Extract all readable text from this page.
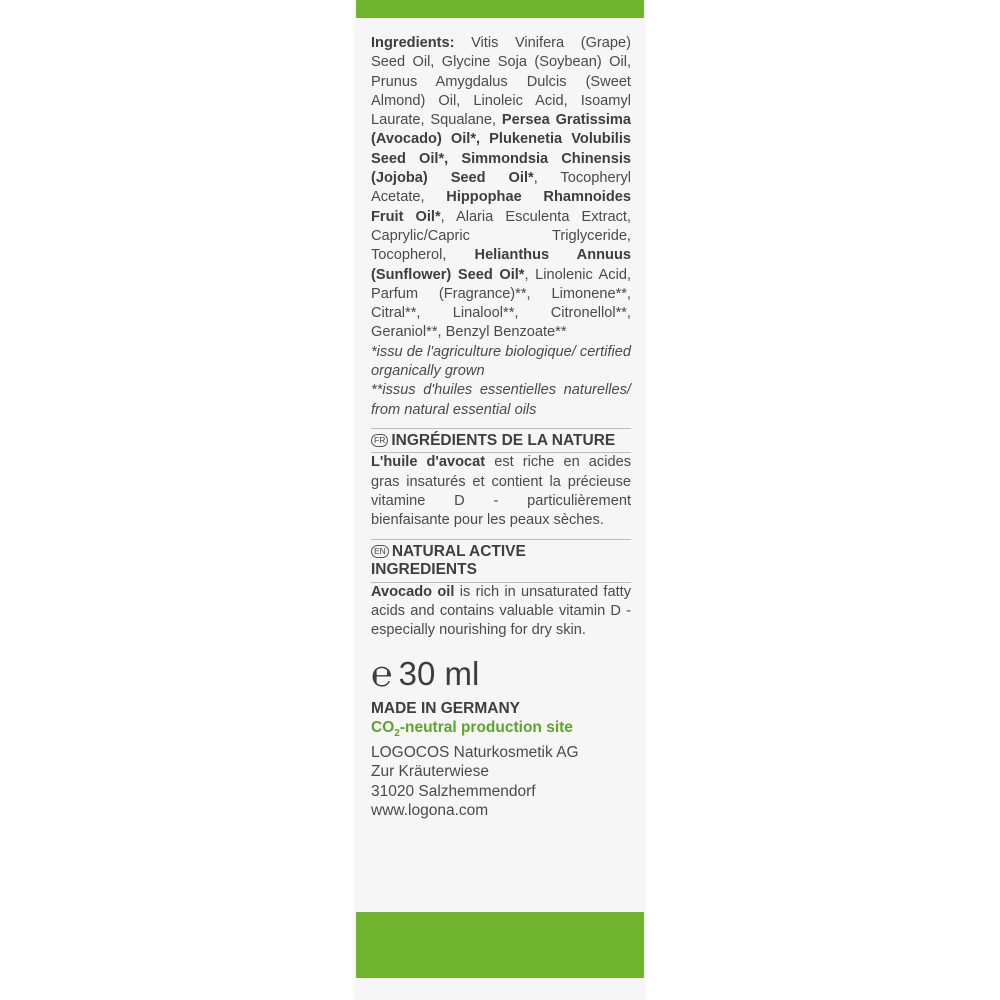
Ingredients: Vitis Vinifera (Grape) Seed Oil, Glycine Soja (Soybean) Oil, Prunus Amygdalus Dulcis (Sweet Almond) Oil, Linoleic Acid, Isoamyl Laurate, Squalane, Persea Gratissima (Avocado) Oil*, Plukenetia Volubilis Seed Oil*, Simmondsia Chinensis (Jojoba) Seed Oil*, Tocopheryl Acetate, Hippophae Rhamnoides Fruit Oil*, Alaria Esculenta Extract, Caprylic/Capric Triglyceride, Tocopherol, Helianthus Annuus (Sunflower) Seed Oil*, Linolenic Acid, Parfum (Fragrance)**, Limonene**, Citral**, Linalool**, Citronellol**, Geraniol**, Benzyl Benzoate**

*issu de l'agriculture biologique/ certified organically grown

**issus d'huiles essentielles naturelles/ from natural essential oils

FR INGRÉDIENTS DE LA NATURE

L'huile d'avocat est riche en acides gras insaturés et contient la précieuse vitamine D - particulièrement bienfaisante pour les peaux sèches.

EN NATURAL ACTIVE INGREDIENTS

Avocado oil is rich in unsaturated fatty acids and contains valuable vitamin D - especially nourishing for dry skin.

℮ 30 ml
MADE IN GERMANY
$CO_2$-neutral production site
LOGOCOS Naturkosmetik AG
Zur Kräuterwiese
31020 Salzhemmendorf
www.logona.com
